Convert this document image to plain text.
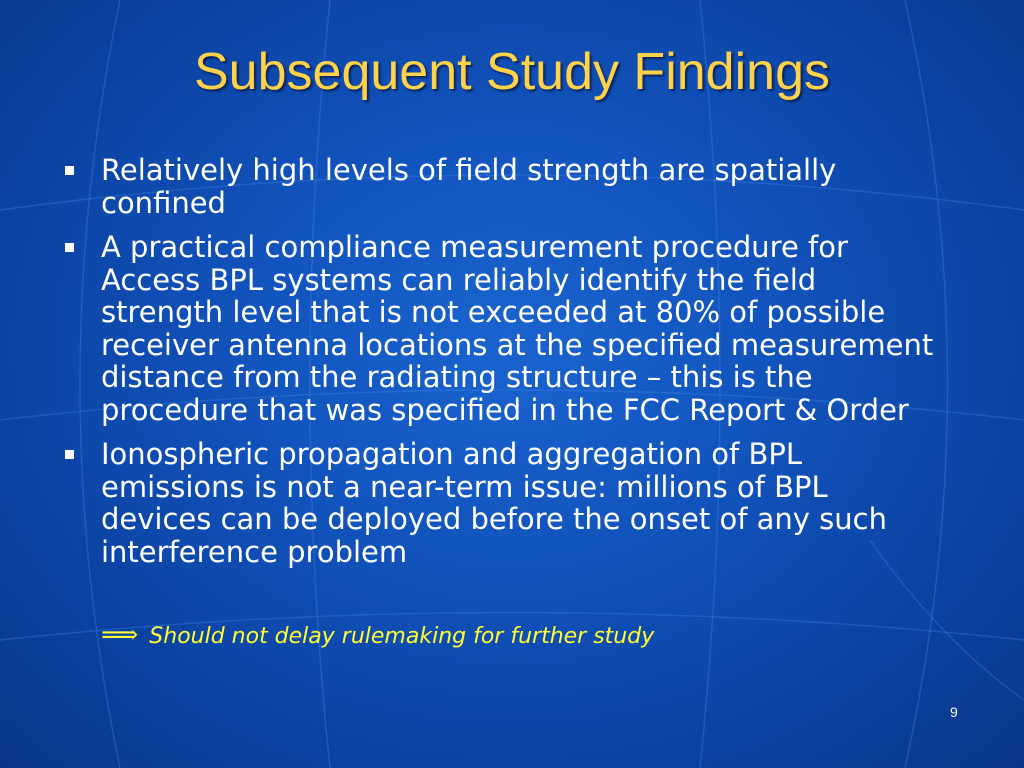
Subsequent Study Findings
Relatively high levels of field strength are spatially confined
A practical compliance measurement procedure for Access BPL systems can reliably identify the field strength level that is not exceeded at 80% of possible receiver antenna locations at the specified measurement distance from the radiating structure – this is the procedure that was specified in the FCC Report & Order
Ionospheric propagation and aggregation of BPL emissions is not a near-term issue: millions of BPL devices can be deployed before the onset of any such interference problem
⟹ Should not delay rulemaking for further study
9
